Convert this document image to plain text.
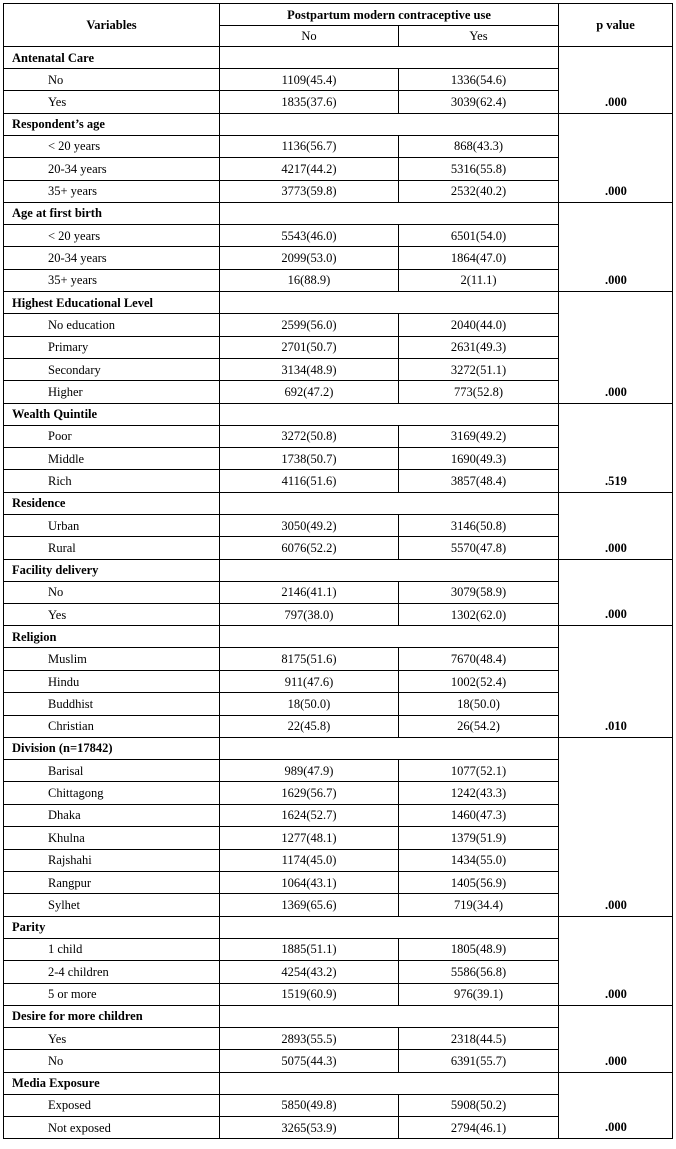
Variables	Postpartum modern contraceptive use		p value
	No	Yes	
Antenatal Care			.000
No	1109(45.4)	1336(54.6)	
Yes	1835(37.6)	3039(62.4)	
Respondent’s age			.000
< 20 years	1136(56.7)	868(43.3)	
20-34 years	4217(44.2)	5316(55.8)	
35+ years	3773(59.8)	2532(40.2)	
Age at first birth			.000
< 20 years	5543(46.0)	6501(54.0)	
20-34 years	2099(53.0)	1864(47.0)	
35+ years	16(88.9)	2(11.1)	
Highest Educational Level			.000
No education	2599(56.0)	2040(44.0)	
Primary	2701(50.7)	2631(49.3)	
Secondary	3134(48.9)	3272(51.1)	
Higher	692(47.2)	773(52.8)	
Wealth Quintile			.519
Poor	3272(50.8)	3169(49.2)	
Middle	1738(50.7)	1690(49.3)	
Rich	4116(51.6)	3857(48.4)	
Residence			.000
Urban	3050(49.2)	3146(50.8)	
Rural	6076(52.2)	5570(47.8)	
Facility delivery			.000
No	2146(41.1)	3079(58.9)	
Yes	797(38.0)	1302(62.0)	
Religion			.010
Muslim	8175(51.6)	7670(48.4)	
Hindu	911(47.6)	1002(52.4)	
Buddhist	18(50.0)	18(50.0)	
Christian	22(45.8)	26(54.2)	
Division (n=17842)			.000
Barisal	989(47.9)	1077(52.1)	
Chittagong	1629(56.7)	1242(43.3)	
Dhaka	1624(52.7)	1460(47.3)	
Khulna	1277(48.1)	1379(51.9)	
Rajshahi	1174(45.0)	1434(55.0)	
Rangpur	1064(43.1)	1405(56.9)	
Sylhet	1369(65.6)	719(34.4)	
Parity			.000
1 child	1885(51.1)	1805(48.9)	
2-4 children	4254(43.2)	5586(56.8)	
5 or more	1519(60.9)	976(39.1)	
Desire for more children			.000
Yes	2893(55.5)	2318(44.5)	
No	5075(44.3)	6391(55.7)	
Media Exposure			.000
Exposed	5850(49.8)	5908(50.2)	
Not exposed	3265(53.9)	2794(46.1)	
